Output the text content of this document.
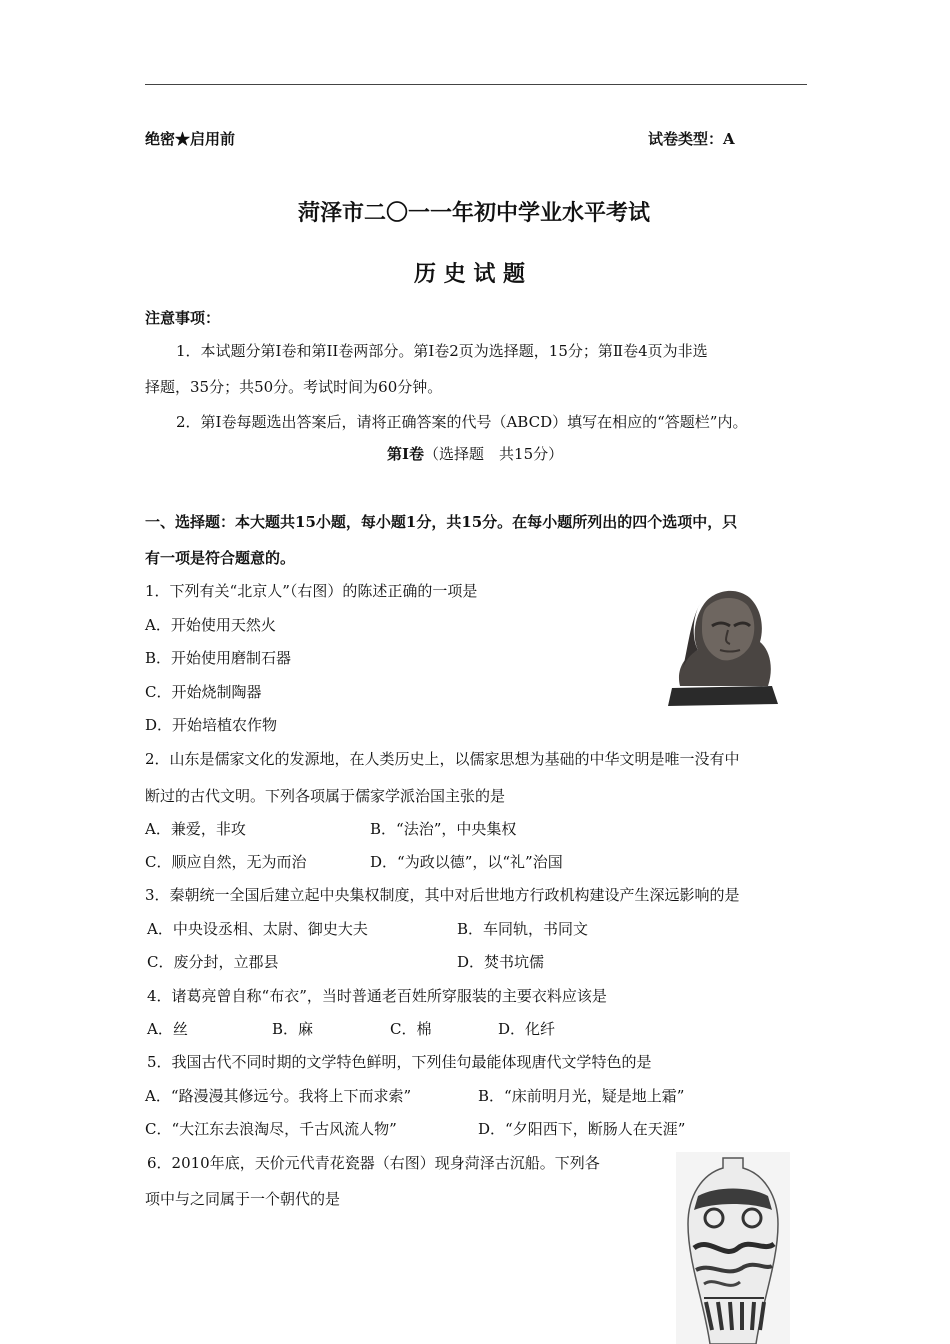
绝密★启用前	试卷类型：A
菏泽市二〇一一年初中学业水平考试
历 史 试 题
注意事项：
1．本试题分第Ⅰ卷和第II卷两部分。第Ⅰ卷2页为选择题，15分；第Ⅱ卷4页为非选
择题，35分；共50分。考试时间为60分钟。
2．第Ⅰ卷每题选出答案后，请将正确答案的代号（ABCD）填写在相应的“答题栏”内。
第Ⅰ卷（选择题　共15分）
一、选择题：本大题共15小题，每小题1分，共15分。在每小题所列出的四个选项中，只
有一项是符合题意的。
1．下列有关“北京人”（右图）的陈述正确的一项是
A．开始使用天然火
B．开始使用磨制石器
C．开始烧制陶器
D．开始培植农作物
2．山东是儒家文化的发源地，在人类历史上，以儒家思想为基础的中华文明是唯一没有中
断过的古代文明。下列各项属于儒家学派治国主张的是
A．兼爱，非攻	B．“法治”，中央集权
C．顺应自然，无为而治	D．“为政以德”，以“礼”治国
3．秦朝统一全国后建立起中央集权制度，其中对后世地方行政机构建设产生深远影响的是
A．中央设丞相、太尉、御史大夫	B．车同轨，书同文
C．废分封，立郡县	D．焚书坑儒
4．诸葛亮曾自称“布衣”，当时普通老百姓所穿服装的主要衣料应该是
A．丝	B．麻	C．棉	D．化纤
5．我国古代不同时期的文学特色鲜明，下列佳句最能体现唐代文学特色的是
A．“路漫漫其修远兮。我将上下而求索”	B．“床前明月光，疑是地上霜”
C．“大江东去浪淘尽，千古风流人物”	D．“夕阳西下，断肠人在天涯”
6．2010年底，天价元代青花瓷器（右图）现身菏泽古沉船。下列各
项中与之同属于一个朝代的是
